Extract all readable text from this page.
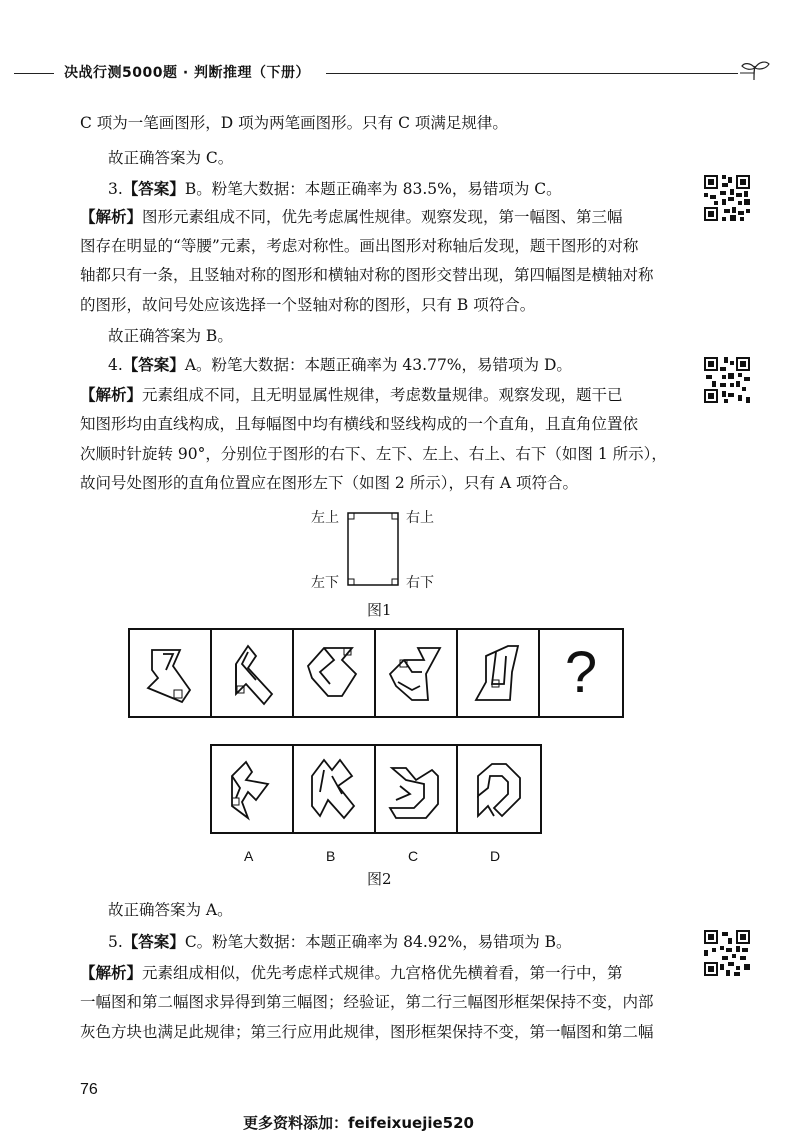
决战行测5000题 · 判断推理（下册）
C 项为一笔画图形，D 项为两笔画图形。只有 C 项满足规律。
故正确答案为 C。
3.【答案】B。粉笔大数据：本题正确率为 83.5%，易错项为 C。
【解析】图形元素组成不同，优先考虑属性规律。观察发现，第一幅图、第三幅
图存在明显的“等腰”元素，考虑对称性。画出图形对称轴后发现，题干图形的对称
轴都只有一条，且竖轴对称的图形和横轴对称的图形交替出现，第四幅图是横轴对称
的图形，故问号处应该选择一个竖轴对称的图形，只有 B 项符合。
故正确答案为 B。
4.【答案】A。粉笔大数据：本题正确率为 43.77%，易错项为 D。
【解析】元素组成不同，且无明显属性规律，考虑数量规律。观察发现，题干已
知图形均由直线构成，且每幅图中均有横线和竖线构成的一个直角，且直角位置依
次顺时针旋转 90°，分别位于图形的右下、左下、左上、右上、右下（如图 1 所示），
故问号处图形的直角位置应在图形左下（如图 2 所示），只有 A 项符合。
左上	右上
左下	右下
图1
?
A	B	C	D
图2
故正确答案为 A。
5.【答案】C。粉笔大数据：本题正确率为 84.92%，易错项为 B。
【解析】元素组成相似，优先考虑样式规律。九宫格优先横着看，第一行中，第
一幅图和第二幅图求异得到第三幅图；经验证，第二行三幅图形框架保持不变，内部
灰色方块也满足此规律；第三行应用此规律，图形框架保持不变，第一幅图和第二幅
76
更多资料添加：feifeixuejie520
